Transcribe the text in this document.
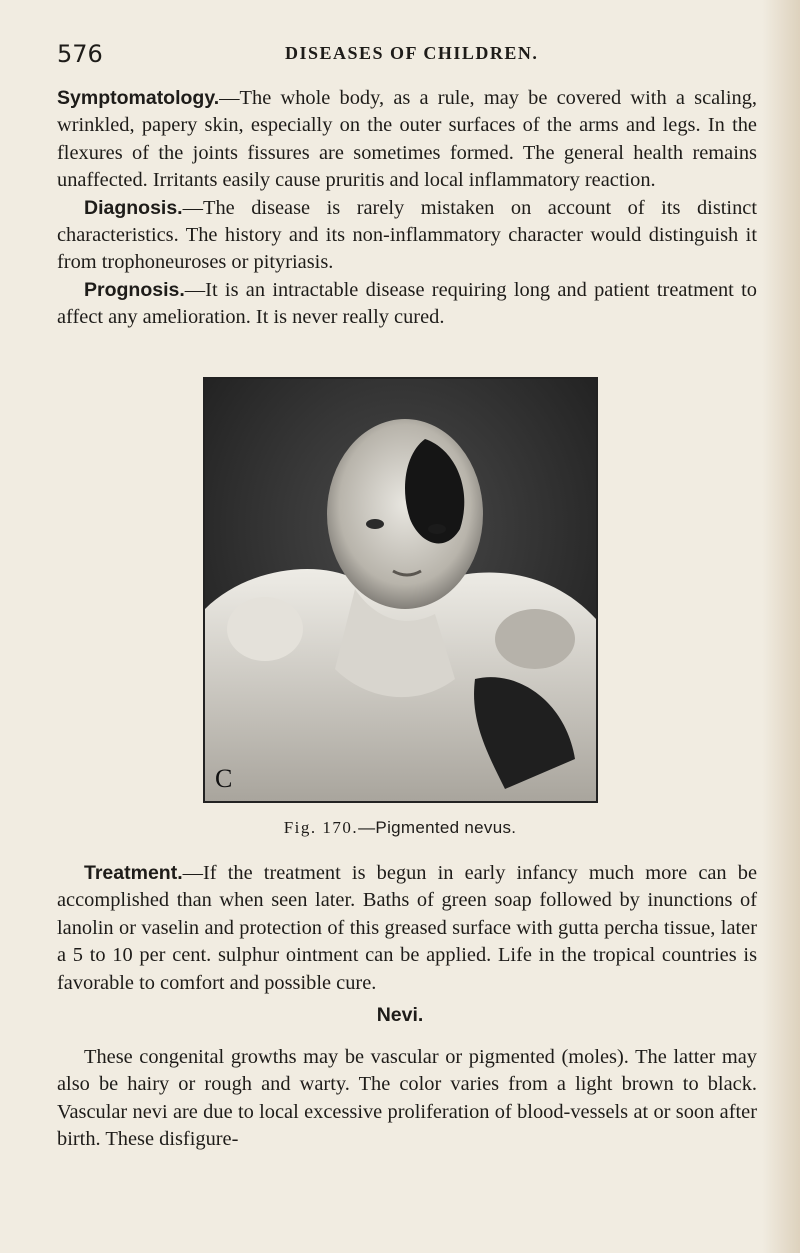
576	DISEASES OF CHILDREN.

Symptomatology.—The whole body, as a rule, may be covered with a scaling, wrinkled, papery skin, especially on the outer surfaces of the arms and legs. In the flexures of the joints fissures are sometimes formed. The general health remains unaffected. Irritants easily cause pruritis and local inflammatory reaction.

Diagnosis.—The disease is rarely mistaken on account of its distinct characteristics. The history and its non-inflammatory character would distinguish it from trophoneuroses or pityriasis.

Prognosis.—It is an intractable disease requiring long and patient treatment to affect any amelioration. It is never really cured.

C
Fig. 170.—Pigmented nevus.

Treatment.—If the treatment is begun in early infancy much more can be accomplished than when seen later. Baths of green soap followed by inunctions of lanolin or vaselin and protection of this greased surface with gutta percha tissue, later a 5 to 10 per cent. sulphur ointment can be applied. Life in the tropical countries is favorable to comfort and possible cure.

Nevi.

These congenital growths may be vascular or pigmented (moles). The latter may also be hairy or rough and warty. The color varies from a light brown to black. Vascular nevi are due to local excessive proliferation of blood-vessels at or soon after birth. These disfigure-
